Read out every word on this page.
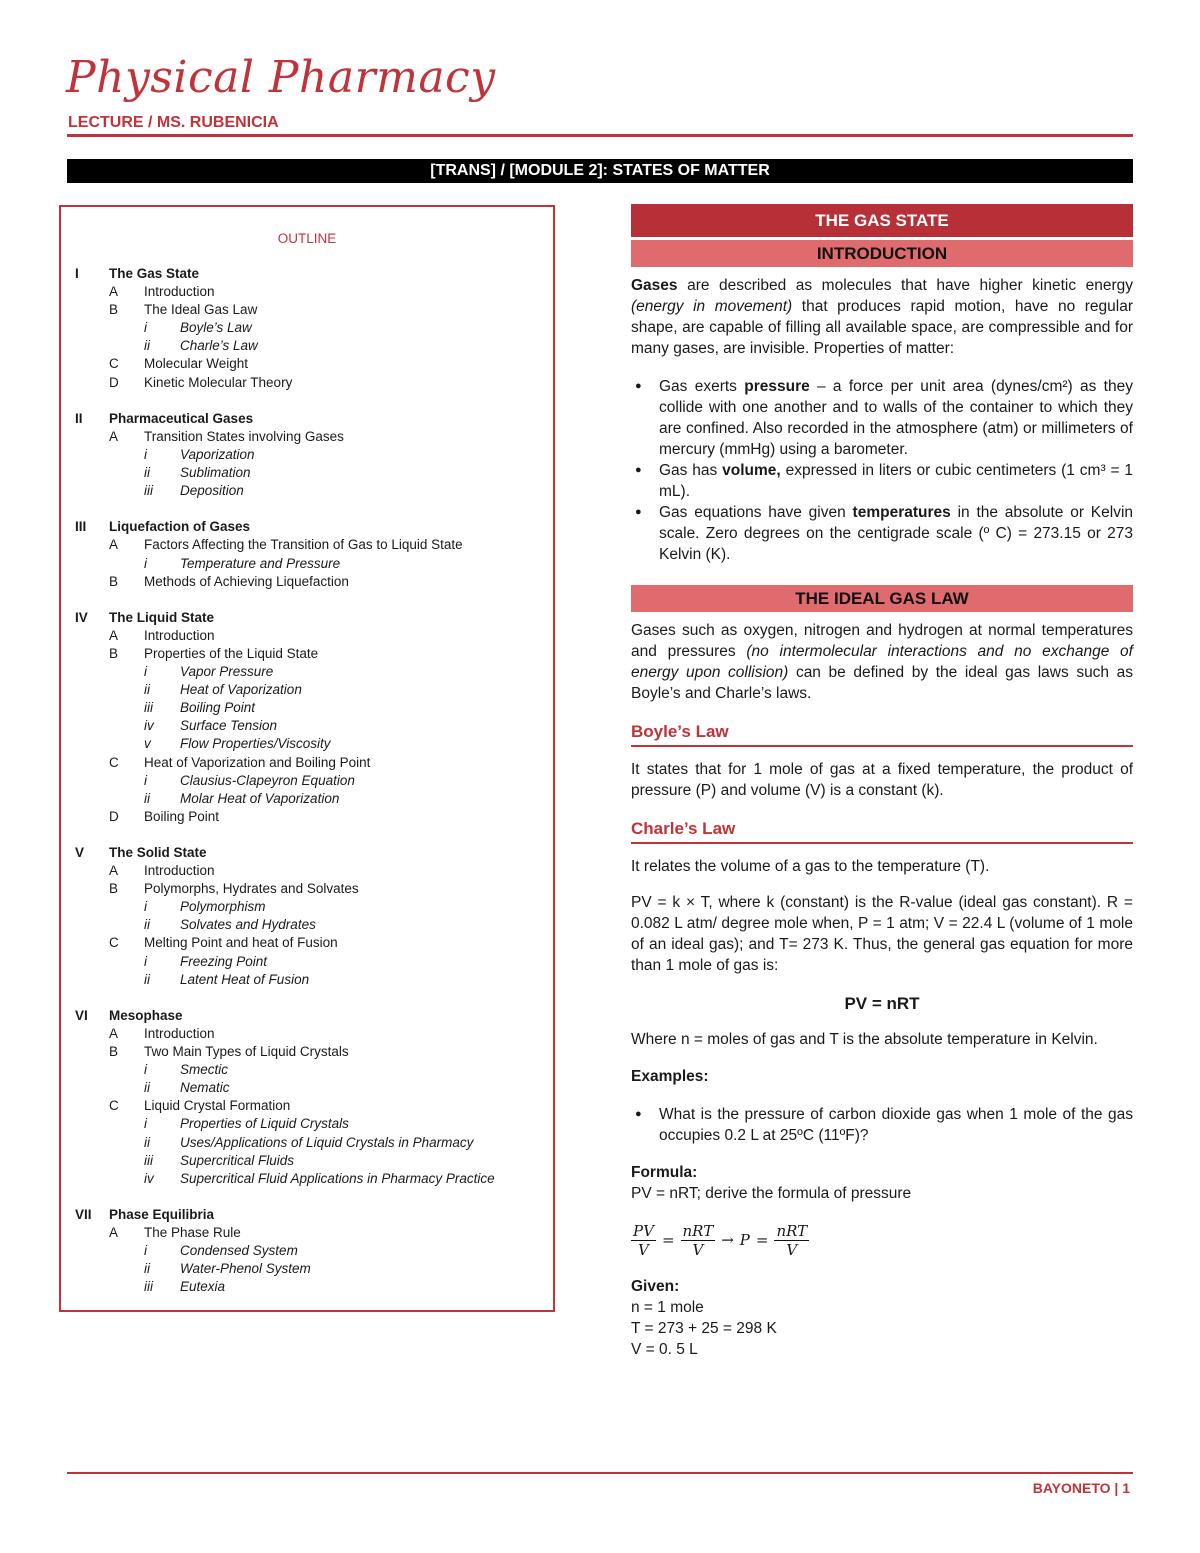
Physical Pharmacy
LECTURE / MS. RUBENICIA
[TRANS] / [MODULE 2]: STATES OF MATTER
OUTLINE
I	The Gas State
A	Introduction
B	The Ideal Gas Law
i	Boyle’s Law
ii	Charle’s Law
C	Molecular Weight
D	Kinetic Molecular Theory
II	Pharmaceutical Gases
A	Transition States involving Gases
i	Vaporization
ii	Sublimation
iii	Deposition
III	Liquefaction of Gases
A	Factors Affecting the Transition of Gas to Liquid State
i	Temperature and Pressure
B	Methods of Achieving Liquefaction
IV	The Liquid State
A	Introduction
B	Properties of the Liquid State
i	Vapor Pressure
ii	Heat of Vaporization
iii	Boiling Point
iv	Surface Tension
v	Flow Properties/Viscosity
C	Heat of Vaporization and Boiling Point
i	Clausius-Clapeyron Equation
ii	Molar Heat of Vaporization
D	Boiling Point
V	The Solid State
A	Introduction
B	Polymorphs, Hydrates and Solvates
i	Polymorphism
ii	Solvates and Hydrates
C	Melting Point and heat of Fusion
i	Freezing Point
ii	Latent Heat of Fusion
VI	Mesophase
A	Introduction
B	Two Main Types of Liquid Crystals
i	Smectic
ii	Nematic
C	Liquid Crystal Formation
i	Properties of Liquid Crystals
ii	Uses/Applications of Liquid Crystals in Pharmacy
iii	Supercritical Fluids
iv	Supercritical Fluid Applications in Pharmacy Practice
VII	Phase Equilibria
A	The Phase Rule
i	Condensed System
ii	Water-Phenol System
iii	Eutexia
THE GAS STATE
INTRODUCTION

Gases are described as molecules that have higher kinetic energy (energy in movement) that produces rapid motion, have no regular shape, are capable of filling all available space, are compressible and for many gases, are invisible. Properties of matter:

● Gas exerts pressure – a force per unit area (dynes/cm²) as they collide with one another and to walls of the container to which they are confined. Also recorded in the atmosphere (atm) or millimeters of mercury (mmHg) using a barometer.
● Gas has volume, expressed in liters or cubic centimeters (1 cm³ = 1 mL).
● Gas equations have given temperatures in the absolute or Kelvin scale. Zero degrees on the centigrade scale (º C) = 273.15 or 273 Kelvin (K).
THE IDEAL GAS LAW

Gases such as oxygen, nitrogen and hydrogen at normal temperatures and pressures (no intermolecular interactions and no exchange of energy upon collision) can be defined by the ideal gas laws such as Boyle’s and Charle’s laws.

Boyle’s Law

It states that for 1 mole of gas at a fixed temperature, the product of pressure (P) and volume (V) is a constant (k).

Charle’s Law

It relates the volume of a gas to the temperature (T).

PV = k × T, where k (constant) is the R-value (ideal gas constant). R = 0.082 L atm/ degree mole when, P = 1 atm; V = 22.4 L (volume of 1 mole of an ideal gas); and T= 273 K. Thus, the general gas equation for more than 1 mole of gas is:

PV = nRT

Where n = moles of gas and T is the absolute temperature in Kelvin.

Examples:

● What is the pressure of carbon dioxide gas when 1 mole of the gas occupies 0.2 L at 25ºC (11ºF)?

Formula:

PV = nRT; derive the formula of pressure

$\frac{PV}{V} = \frac{\text{nRT}}{V} \to P = \frac{\text{nRT}}{V}$

Given:

n = 1 mole

T = 273 + 25 = 298 K

V = 0. 5 L

BAYONETO | 1
